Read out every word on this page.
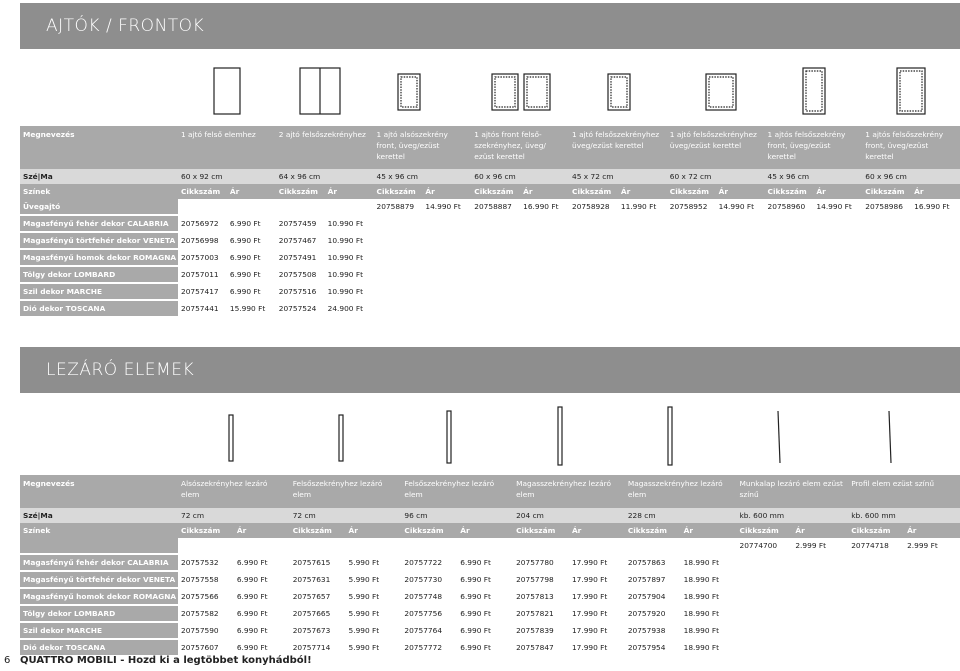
AJTÓK / FRONTOK
Megnevezés	1 ajtó felső elemhez		2 ajtó felsőszekrényhez		1 ajtó alsószekrény front, üveg/ezüst kerettel		1 ajtós front felső-szekrényhez, üveg/ ezüst kerettel		1 ajtó felsőszekrényhez üveg/ezüst kerettel		1 ajtó felsőszekrényhez üveg/ezüst kerettel		1 ajtós felsőszekrény front, üveg/ezüst kerettel		1 ajtós felsőszekrény front, üveg/ezüst kerettel	
Szé|Ma	60 x 92 cm		64 x 96 cm		45 x 96 cm		60 x 96 cm		45 x 72 cm		60 x 72 cm		45 x 96 cm		60 x 96 cm	
Színek	Cikkszám	Ár	Cikkszám	Ár	Cikkszám	Ár	Cikkszám	Ár	Cikkszám	Ár	Cikkszám	Ár	Cikkszám	Ár	Cikkszám	Ár
Üvegajtó					20758879	14.990 Ft	20758887	16.990 Ft	20758928	11.990 Ft	20758952	14.990 Ft	20758960	14.990 Ft	20758986	16.990 Ft

Magasfényű fehér dekor CALABRIA	20756972	6.990 Ft	20757459	10.990 Ft												

Magasfényű törtfehér dekor VENETA	20756998	6.990 Ft	20757467	10.990 Ft												

Magasfényű homok dekor ROMAGNA	20757003	6.990 Ft	20757491	10.990 Ft												

Tölgy dekor LOMBARD	20757011	6.990 Ft	20757508	10.990 Ft												

Szil dekor MARCHE	20757417	6.990 Ft	20757516	10.990 Ft												

Dió dekor TOSCANA	20757441	15.990 Ft	20757524	24.900 Ft												

LEZÁRÓ ELEMEK
Megnevezés	Alsószekrényhez lezáró elem		Felsőszekrényhez lezáró elem		Felsőszekrényhez lezáró elem		Magasszekrényhez lezáró elem		Magasszekrényhez lezáró elem		Munkalap lezáró elem ezüst színű		Profil elem ezüst színű	
Szé|Ma	72 cm		72 cm		96 cm		204 cm		228 cm		kb. 600 mm		kb. 600 mm	
Színek	Cikkszám	Ár	Cikkszám	Ár	Cikkszám	Ár	Cikkszám	Ár	Cikkszám	Ár	Cikkszám	Ár	Cikkszám	Ár
											20774700	2.999 Ft	20774718	2.999 Ft

Magasfényű fehér dekor CALABRIA	20757532	6.990 Ft	20757615	5.990 Ft	20757722	6.990 Ft	20757780	17.990 Ft	20757863	18.990 Ft				

Magasfényű törtfehér dekor VENETA	20757558	6.990 Ft	20757631	5.990 Ft	20757730	6.990 Ft	20757798	17.990 Ft	20757897	18.990 Ft				

Magasfényű homok dekor ROMAGNA	20757566	6.990 Ft	20757657	5.990 Ft	20757748	6.990 Ft	20757813	17.990 Ft	20757904	18.990 Ft				

Tölgy dekor LOMBARD	20757582	6.990 Ft	20757665	5.990 Ft	20757756	6.990 Ft	20757821	17.990 Ft	20757920	18.990 Ft				

Szil dekor MARCHE	20757590	6.990 Ft	20757673	5.990 Ft	20757764	6.990 Ft	20757839	17.990 Ft	20757938	18.990 Ft				

Dió dekor TOSCANA	20757607	6.990 Ft	20757714	5.990 Ft	20757772	6.990 Ft	20757847	17.990 Ft	20757954	18.990 Ft				

6 QUATTRO MOBILI - Hozd ki a legtöbbet konyhádból!
